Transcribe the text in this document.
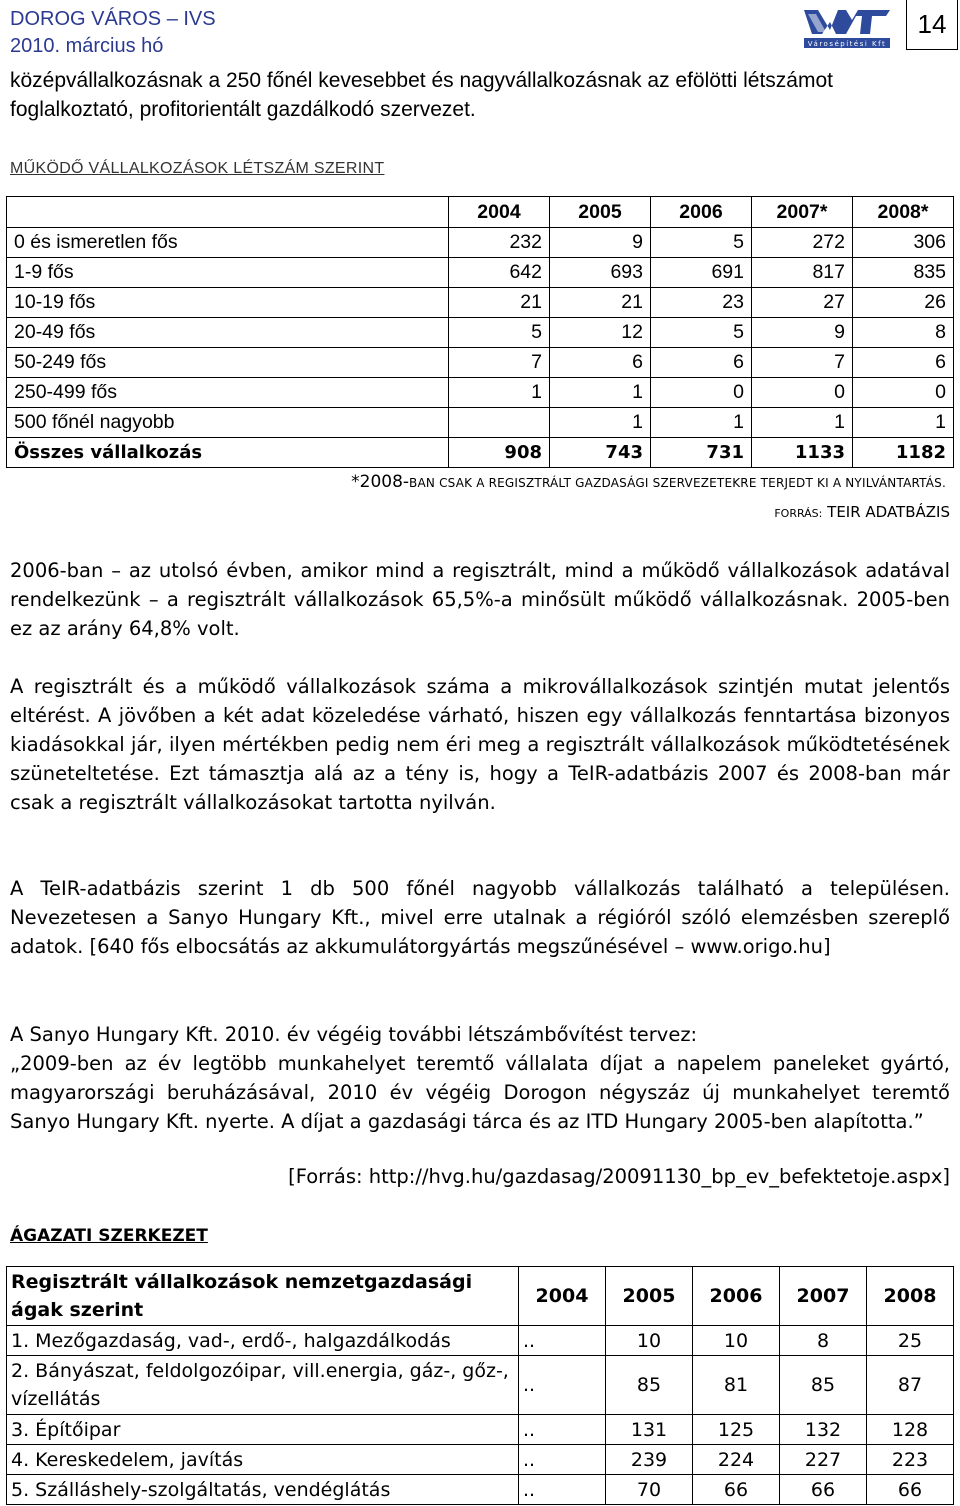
DOROG VÁROS – IVS
2010. március hó	Városépítési Kft
14

középvállalkozásnak a 250 főnél kevesebbet és nagyvállalkozásnak az efölötti létszámot foglalkoztató, profitorientált gazdálkodó szervezet.

MŰKÖDŐ VÁLLALKOZÁSOK LÉTSZÁM SZERINT
	2004	2005	2006	2007*	2008*
0 és ismeretlen fős	232	9	5	272	306
1-9 fős	642	693	691	817	835
10-19 fős	21	21	23	27	26
20-49 fős	5	12	5	9	8
50-249 fős	7	6	6	7	6
250-499 fős	1	1	0	0	0
500 főnél nagyobb		1	1	1	1
Összes vállalkozás	908	743	731	1133	1182
*2008-BAN CSAK A REGISZTRÁLT GAZDASÁGI SZERVEZETEKRE TERJEDT KI A NYILVÁNTARTÁS.
FORRÁS: TEIR ADATBÁZIS

2006-ban – az utolsó évben, amikor mind a regisztrált, mind a működő vállalkozások adatával rendelkezünk – a regisztrált vállalkozások 65,5%-a minősült működő vállalkozásnak. 2005-ben ez az arány 64,8% volt.

A regisztrált és a működő vállalkozások száma a mikrovállalkozások szintjén mutat jelentős eltérést. A jövőben a két adat közeledése várható, hiszen egy vállalkozás fenntartása bizonyos kiadásokkal jár, ilyen mértékben pedig nem éri meg a regisztrált vállalkozások működtetésének szüneteltetése. Ezt támasztja alá az a tény is, hogy a TeIR-adatbázis 2007 és 2008-ban már csak a regisztrált vállalkozásokat tartotta nyilván.

A TeIR-adatbázis szerint 1 db 500 főnél nagyobb vállalkozás található a településen. Nevezetesen a Sanyo Hungary Kft., mivel erre utalnak a régióról szóló elemzésben szereplő adatok. [640 fős elbocsátás az akkumulátorgyártás megszűnésével – www.origo.hu]

A Sanyo Hungary Kft. 2010. év végéig további létszámbővítést tervez:

„2009-ben az év legtöbb munkahelyet teremtő vállalata díjat a napelem paneleket gyártó, magyarországi beruházásával, 2010 év végéig Dorogon négyszáz új munkahelyet teremtő Sanyo Hungary Kft. nyerte. A díjat a gazdasági tárca és az ITD Hungary 2005-ben alapította.”

[Forrás: http://hvg.hu/gazdasag/20091130_bp_ev_befektetoje.aspx]
ÁGAZATI SZERKEZET
Regisztrált vállalkozások nemzetgazdasági ágak szerint	2004	2005	2006	2007	2008
1. Mezőgazdaság, vad-, erdő-, halgazdálkodás	..	10	10	8	25
2. Bányászat, feldolgozóipar, vill.energia, gáz-, gőz-, vízellátás	..	85	81	85	87
3. Építőipar	..	131	125	132	128
4. Kereskedelem, javítás	..	239	224	227	223
5. Szálláshely-szolgáltatás, vendéglátás	..	70	66	66	66
